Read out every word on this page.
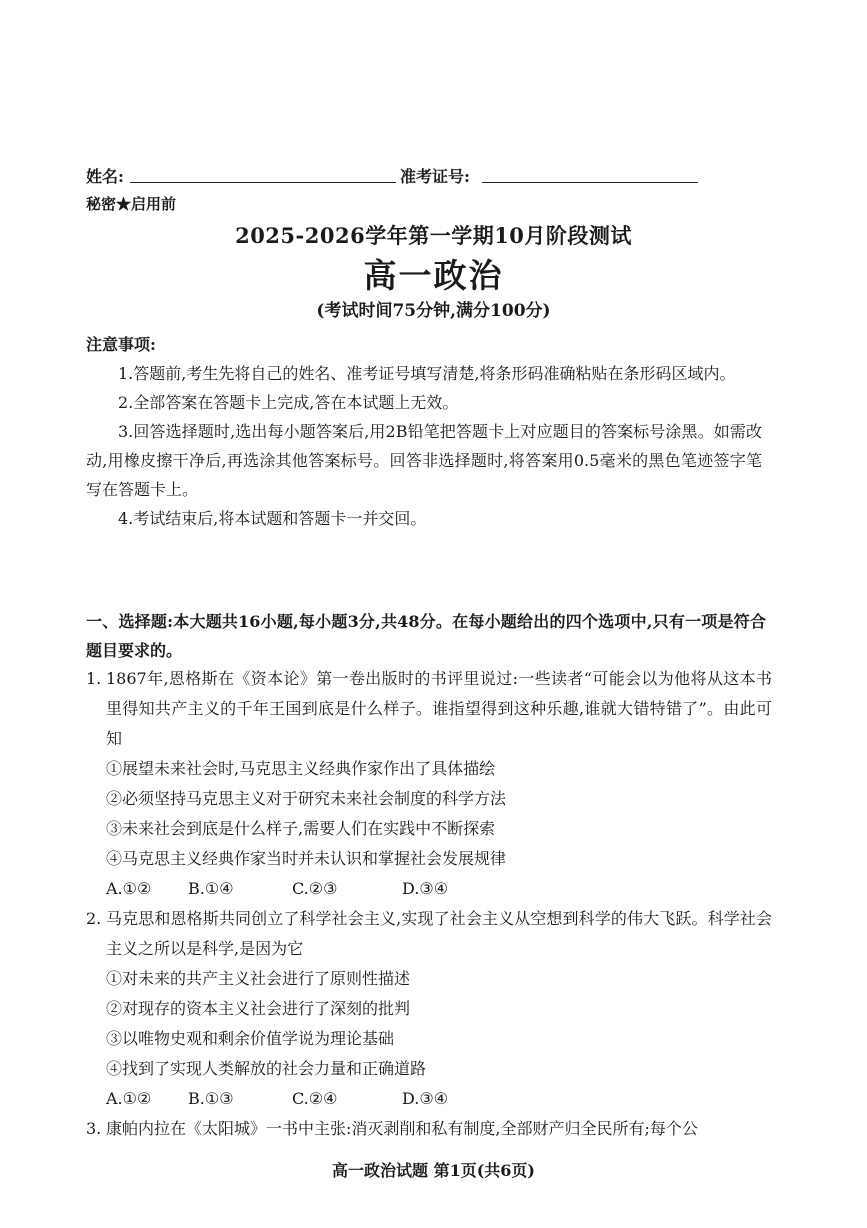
姓名:	准考证号:
秘密★启用前
2025-2026学年第一学期10月阶段测试
高一政治
(考试时间75分钟,满分100分)
注意事项:
1.答题前,考生先将自己的姓名、准考证号填写清楚,将条形码准确粘贴在条形码区域内。
2.全部答案在答题卡上完成,答在本试题上无效。
3.回答选择题时,选出每小题答案后,用2B铅笔把答题卡上对应题目的答案标号涂黑。如需改动,用橡皮擦干净后,再选涂其他答案标号。回答非选择题时,将答案用0.5毫米的黑色笔迹签字笔写在答题卡上。
4.考试结束后,将本试题和答题卡一并交回。
一、选择题:本大题共16小题,每小题3分,共48分。在每小题给出的四个选项中,只有一项是符合题目要求的。
1. 1867年,恩格斯在《资本论》第一卷出版时的书评里说过:一些读者“可能会以为他将从这本书里得知共产主义的千年王国到底是什么样子。谁指望得到这种乐趣,谁就大错特错了”。由此可知
①展望未来社会时,马克思主义经典作家作出了具体描绘
②必须坚持马克思主义对于研究未来社会制度的科学方法
③未来社会到底是什么样子,需要人们在实践中不断探索
④马克思主义经典作家当时并未认识和掌握社会发展规律
A.①② B.①④	C.②③	D.③④
2. 马克思和恩格斯共同创立了科学社会主义,实现了社会主义从空想到科学的伟大飞跃。科学社会主义之所以是科学,是因为它
①对未来的共产主义社会进行了原则性描述
②对现存的资本主义社会进行了深刻的批判
③以唯物史观和剩余价值学说为理论基础
④找到了实现人类解放的社会力量和正确道路
A.①② B.①③	C.②④	D.③④
3. 康帕内拉在《太阳城》一书中主张:消灭剥削和私有制度,全部财产归全民所有;每个公
高一政治试题 第1页(共6页)
